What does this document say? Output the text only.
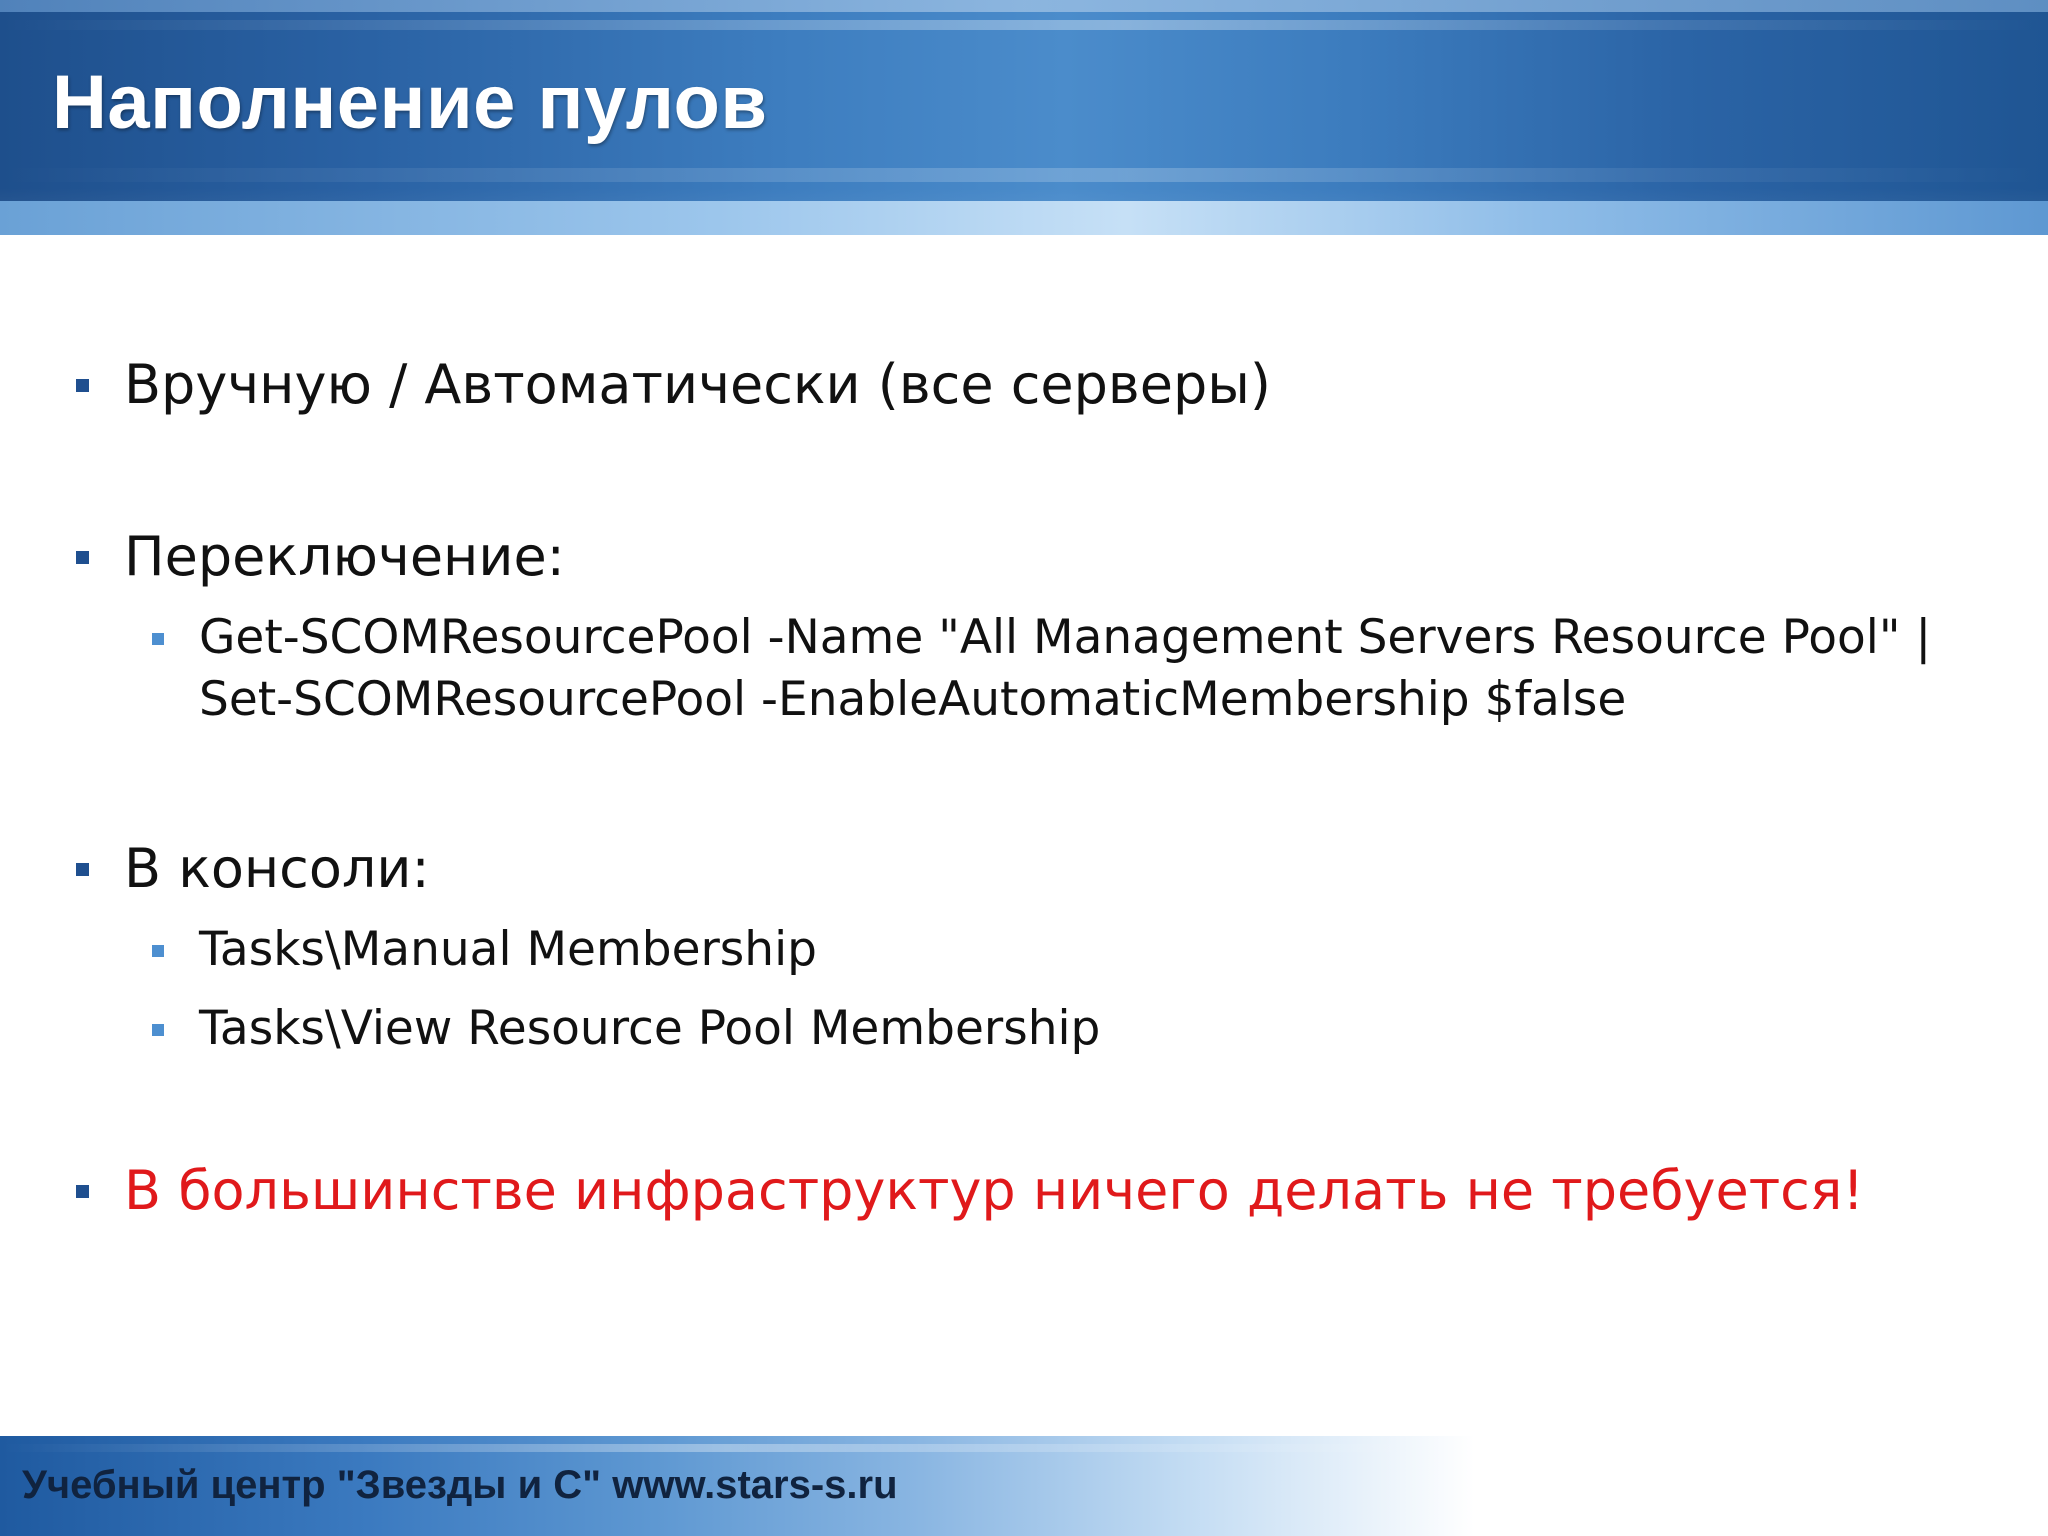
Наполнение пулов
Вручную / Автоматически (все серверы)
Переключение:
Get-SCOMResourcePool -Name "All Management Servers Resource Pool" |
Set-SCOMResourcePool -EnableAutomaticMembership $false
В консоли:
Tasks\Manual Membership
Tasks\View Resource Pool Membership
В большинстве инфраструктур ничего делать не требуется!

Учебный центр "Звезды и С" www.stars-s.ru
